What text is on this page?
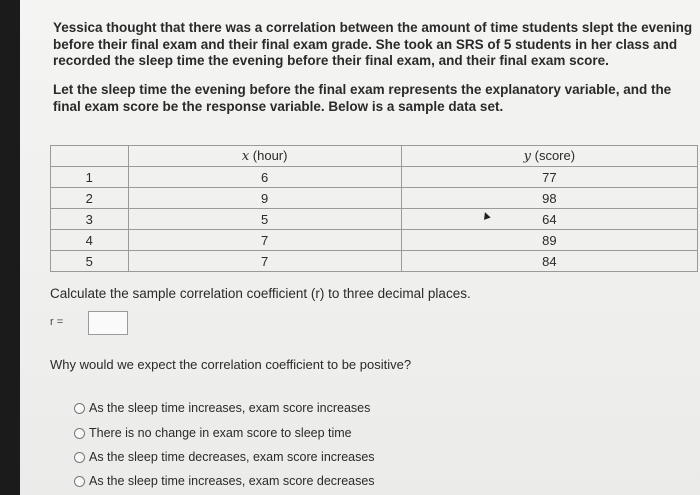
Yessica thought that there was a correlation between the amount of time students slept the evening before their final exam and their final exam grade. She took an SRS of 5 students in her class and recorded the sleep time the evening before their final exam, and their final exam score.
Let the sleep time the evening before the final exam represents the explanatory variable, and the final exam score be the response variable. Below is a sample data set.
	x (hour)	y (score)
1	6	77
2	9	98
3	5	64
4	7	89
5	7	84
▲
Calculate the sample correlation coefficient (r) to three decimal places.
r =
Why would we expect the correlation coefficient to be positive?
As the sleep time increases, exam score increases
There is no change in exam score to sleep time
As the sleep time decreases, exam score increases
As the sleep time increases, exam score decreases
